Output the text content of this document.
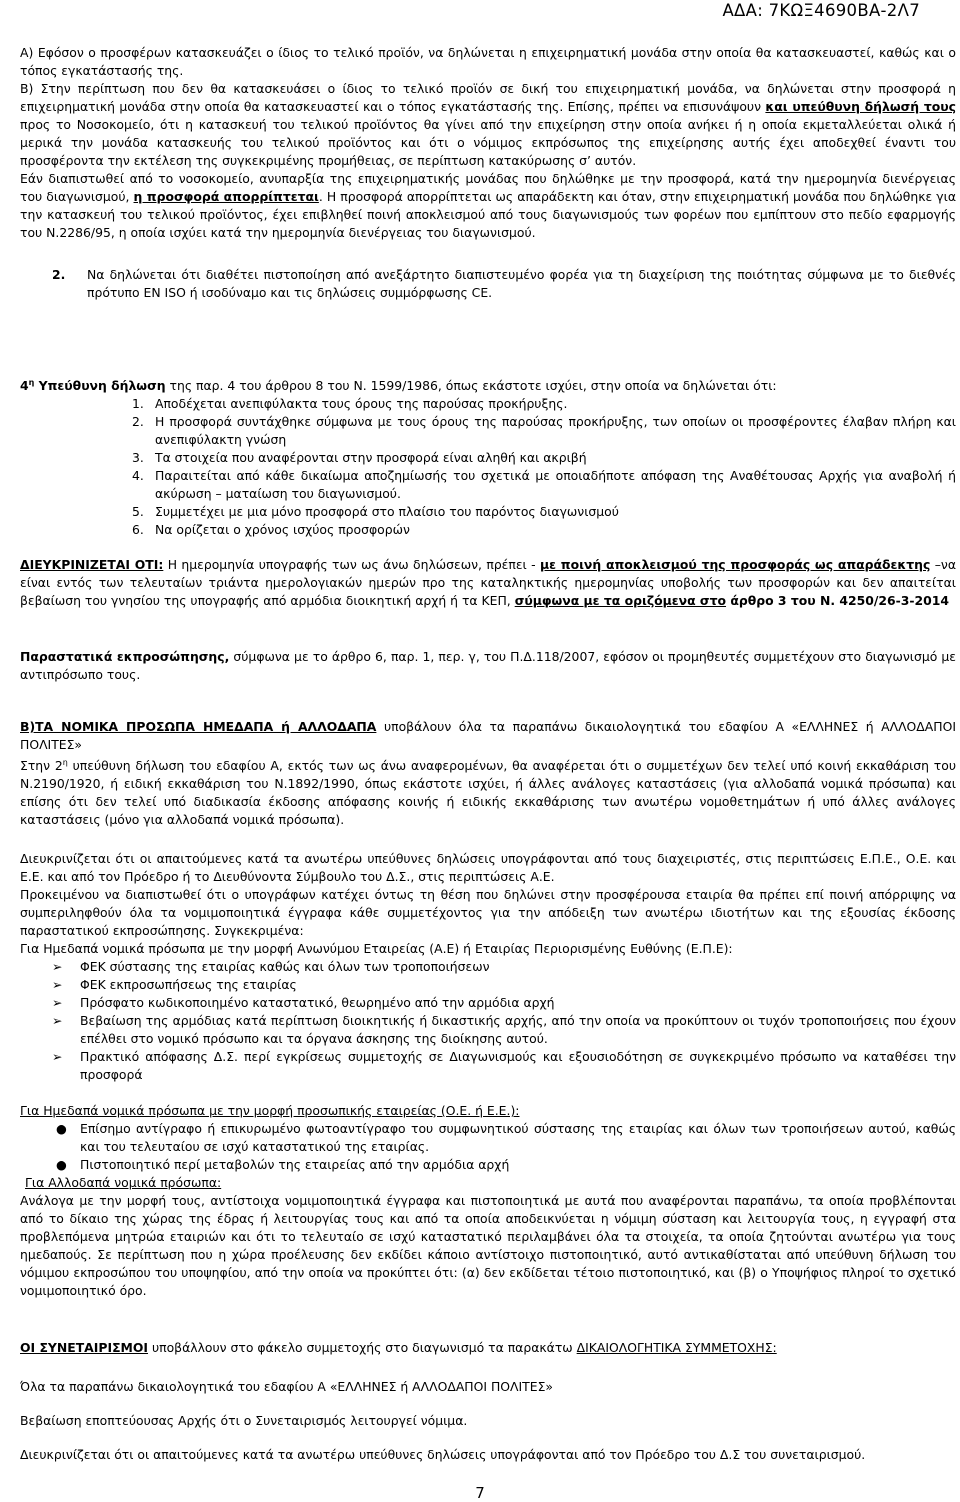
ΑΔΑ: 7ΚΩΞ4690ΒΑ-2Λ7

Α) Εφόσον ο προσφέρων κατασκευάζει ο ίδιος το τελικό προϊόν, να δηλώνεται η επιχειρηματική μονάδα στην οποία θα κατασκευαστεί, καθώς και ο τόπος εγκατάστασής της.

Β) Στην περίπτωση που δεν θα κατασκευάσει ο ίδιος το τελικό προϊόν σε δική του επιχειρηματική μονάδα, να δηλώνεται στην προσφορά η επιχειρηματική μονάδα στην οποία θα κατασκευαστεί και ο τόπος εγκατάστασής της. Επίσης, πρέπει να επισυνάψουν και υπεύθυνη δήλωσή τους προς το Νοσοκομείο, ότι η κατασκευή του τελικού προϊόντος θα γίνει από την επιχείρηση στην οποία ανήκει ή η οποία εκμεταλλεύεται ολικά ή μερικά την μονάδα κατασκευής του τελικού προϊόντος και ότι ο νόμιμος εκπρόσωπος της επιχείρησης αυτής έχει αποδεχθεί έναντι του προσφέροντα την εκτέλεση της συγκεκριμένης προμήθειας, σε περίπτωση κατακύρωσης σ’ αυτόν.

Εάν διαπιστωθεί από το νοσοκομείο, ανυπαρξία της επιχειρηματικής μονάδας που δηλώθηκε με την προσφορά, κατά την ημερομηνία διενέργειας του διαγωνισμού, η προσφορά απορρίπτεται. Η προσφορά απορρίπτεται ως απαράδεκτη και όταν, στην επιχειρηματική μονάδα που δηλώθηκε για την κατασκευή του τελικού προϊόντος, έχει επιβληθεί ποινή αποκλεισμού από τους διαγωνισμούς των φορέων που εμπίπτουν στο πεδίο εφαρμογής του Ν.2286/95, η οποία ισχύει κατά την ημερομηνία διενέργειας του διαγωνισμού.

2.	Να δηλώνεται ότι διαθέτει πιστοποίηση από ανεξάρτητο διαπιστευμένο φορέα για τη διαχείριση της ποιότητας σύμφωνα με το διεθνές πρότυπο EN ISO ή ισοδύναμο και τις δηλώσεις συμμόρφωσης CE.

$4^\eta$ Υπεύθυνη δήλωση της παρ. 4 του άρθρου 8 του Ν. 1599/1986, όπως εκάστοτε ισχύει, στην οποία να δηλώνεται ότι:

1. Αποδέχεται ανεπιφύλακτα τους όρους της παρούσας προκήρυξης.
2. Η προσφορά συντάχθηκε σύμφωνα με τους όρους της παρούσας προκήρυξης, των οποίων οι προσφέροντες έλαβαν πλήρη και ανεπιφύλακτη γνώση
3. Τα στοιχεία που αναφέρονται στην προσφορά είναι αληθή και ακριβή
4. Παραιτείται από κάθε δικαίωμα αποζημίωσής του σχετικά με οποιαδήποτε απόφαση της Αναθέτουσας Αρχής για αναβολή ή ακύρωση – ματαίωση του διαγωνισμού.
5. Συμμετέχει με μια μόνο προσφορά στο πλαίσιο του παρόντος διαγωνισμού
6. Να ορίζεται ο χρόνος ισχύος προσφορών

ΔΙΕΥΚΡΙΝΙΖΕΤΑΙ ΟΤΙ: Η ημερομηνία υπογραφής των ως άνω δηλώσεων, πρέπει - με ποινή αποκλεισμού της προσφοράς ως απαράδεκτης –να είναι εντός των τελευταίων τριάντα ημερολογιακών ημερών προ της καταληκτικής ημερομηνίας υποβολής των προσφορών και δεν απαιτείται βεβαίωση του γνησίου της υπογραφής από αρμόδια διοικητική αρχή ή τα ΚΕΠ, σύμφωνα με τα οριζόμενα στο άρθρο 3 του Ν. 4250/26-3-2014

Παραστατικά εκπροσώπησης, σύμφωνα με το άρθρο 6, παρ. 1, περ. γ, του Π.Δ.118/2007, εφόσον οι προμηθευτές συμμετέχουν στο διαγωνισμό με αντιπρόσωπο τους.

Β)ΤΑ ΝΟΜΙΚΑ ΠΡΟΣΩΠΑ ΗΜΕΔΑΠΑ ή ΑΛΛΟΔΑΠΑ υποβάλουν όλα τα παραπάνω δικαιολογητικά του εδαφίου Α «ΕΛΛΗΝΕΣ ή ΑΛΛΟΔΑΠΟΙ ΠΟΛΙΤΕΣ»

Στην $2^\eta$ υπεύθυνη δήλωση του εδαφίου Α, εκτός των ως άνω αναφερομένων, θα αναφέρεται ότι ο συμμετέχων δεν τελεί υπό κοινή εκκαθάριση του Ν.2190/1920, ή ειδική εκκαθάριση του Ν.1892/1990, όπως εκάστοτε ισχύει, ή άλλες ανάλογες καταστάσεις (για αλλοδαπά νομικά πρόσωπα) και επίσης ότι δεν τελεί υπό διαδικασία έκδοσης απόφασης κοινής ή ειδικής εκκαθάρισης των ανωτέρω νομοθετημάτων ή υπό άλλες ανάλογες καταστάσεις (μόνο για αλλοδαπά νομικά πρόσωπα).

Διευκρινίζεται ότι οι απαιτούμενες κατά τα ανωτέρω υπεύθυνες δηλώσεις υπογράφονται από τους διαχειριστές, στις περιπτώσεις Ε.Π.Ε., Ο.Ε. και Ε.Ε. και από τον Πρόεδρο ή το Διευθύνοντα Σύμβουλο του Δ.Σ., στις περιπτώσεις Α.Ε.

Προκειμένου να διαπιστωθεί ότι ο υπογράφων κατέχει όντως τη θέση που δηλώνει στην προσφέρουσα εταιρία θα πρέπει επί ποινή απόρριψης να συμπεριληφθούν όλα τα νομιμοποιητικά έγγραφα κάθε συμμετέχοντος για την απόδειξη των ανωτέρω ιδιοτήτων και της εξουσίας έκδοσης παραστατικού εκπροσώπησης. Συγκεκριμένα:

Για Ημεδαπά νομικά πρόσωπα με την μορφή Ανωνύμου Εταιρείας (Α.Ε) ή Εταιρίας Περιορισμένης Ευθύνης (Ε.Π.Ε):

➢	ΦΕΚ σύστασης της εταιρίας καθώς και όλων των τροποποιήσεων
➢	ΦΕΚ εκπροσωπήσεως της εταιρίας
➢	Πρόσφατο κωδικοποιημένο καταστατικό, θεωρημένο από την αρμόδια αρχή
➢	Βεβαίωση της αρμόδιας κατά περίπτωση διοικητικής ή δικαστικής αρχής, από την οποία να προκύπτουν οι τυχόν τροποποιήσεις που έχουν επέλθει στο νομικό πρόσωπο και τα όργανα άσκησης της διοίκησης αυτού.
➢	Πρακτικό απόφασης Δ.Σ. περί εγκρίσεως συμμετοχής σε Διαγωνισμούς και εξουσιοδότηση σε συγκεκριμένο πρόσωπο να καταθέσει την προσφορά

Για Ημεδαπά νομικά πρόσωπα με την μορφή προσωπικής εταιρείας (Ο.Ε. ή Ε.Ε.):

●	Επίσημο αντίγραφο ή επικυρωμένο φωτοαντίγραφο του συμφωνητικού σύστασης της εταιρίας και όλων των τροποιήσεων αυτού, καθώς και του τελευταίου σε ισχύ καταστατικού της εταιρίας.
●	Πιστοποιητικό περί μεταβολών της εταιρείας από την αρμόδια αρχή

Για Αλλοδαπά νομικά πρόσωπα:

Ανάλογα με την μορφή τους, αντίστοιχα νομιμοποιητικά έγγραφα και πιστοποιητικά με αυτά που αναφέρονται παραπάνω, τα οποία προβλέπονται από το δίκαιο της χώρας της έδρας ή λειτουργίας τους και από τα οποία αποδεικνύεται η νόμιμη σύσταση και λειτουργία τους, η εγγραφή στα προβλεπόμενα μητρώα εταιριών και ότι το τελευταίο σε ισχύ καταστατικό περιλαμβάνει όλα τα στοιχεία, τα οποία ζητούνται ανωτέρω για τους ημεδαπούς. Σε περίπτωση που η χώρα προέλευσης δεν εκδίδει κάποιο αντίστοιχο πιστοποιητικό, αυτό αντικαθίσταται από υπεύθυνη δήλωση του νόμιμου εκπροσώπου του υποψηφίου, από την οποία να προκύπτει ότι: (α) δεν εκδίδεται τέτοιο πιστοποιητικό, και (β) ο Υποψήφιος πληροί το σχετικό νομιμοποιητικό όρο.

ΟΙ ΣΥΝΕΤΑΙΡΙΣΜΟΙ υποβάλλουν στο φάκελο συμμετοχής στο διαγωνισμό τα παρακάτω ΔΙΚΑΙΟΛΟΓΗΤΙΚΑ ΣΥΜΜΕΤΟΧΗΣ:

Όλα τα παραπάνω δικαιολογητικά του εδαφίου Α «ΕΛΛΗΝΕΣ ή ΑΛΛΟΔΑΠΟΙ ΠΟΛΙΤΕΣ»

Βεβαίωση εποπτεύουσας Αρχής ότι ο Συνεταιρισμός λειτουργεί νόμιμα.

Διευκρινίζεται ότι οι απαιτούμενες κατά τα ανωτέρω υπεύθυνες δηλώσεις υπογράφονται από τον Πρόεδρο του Δ.Σ του συνεταιρισμού.

7
